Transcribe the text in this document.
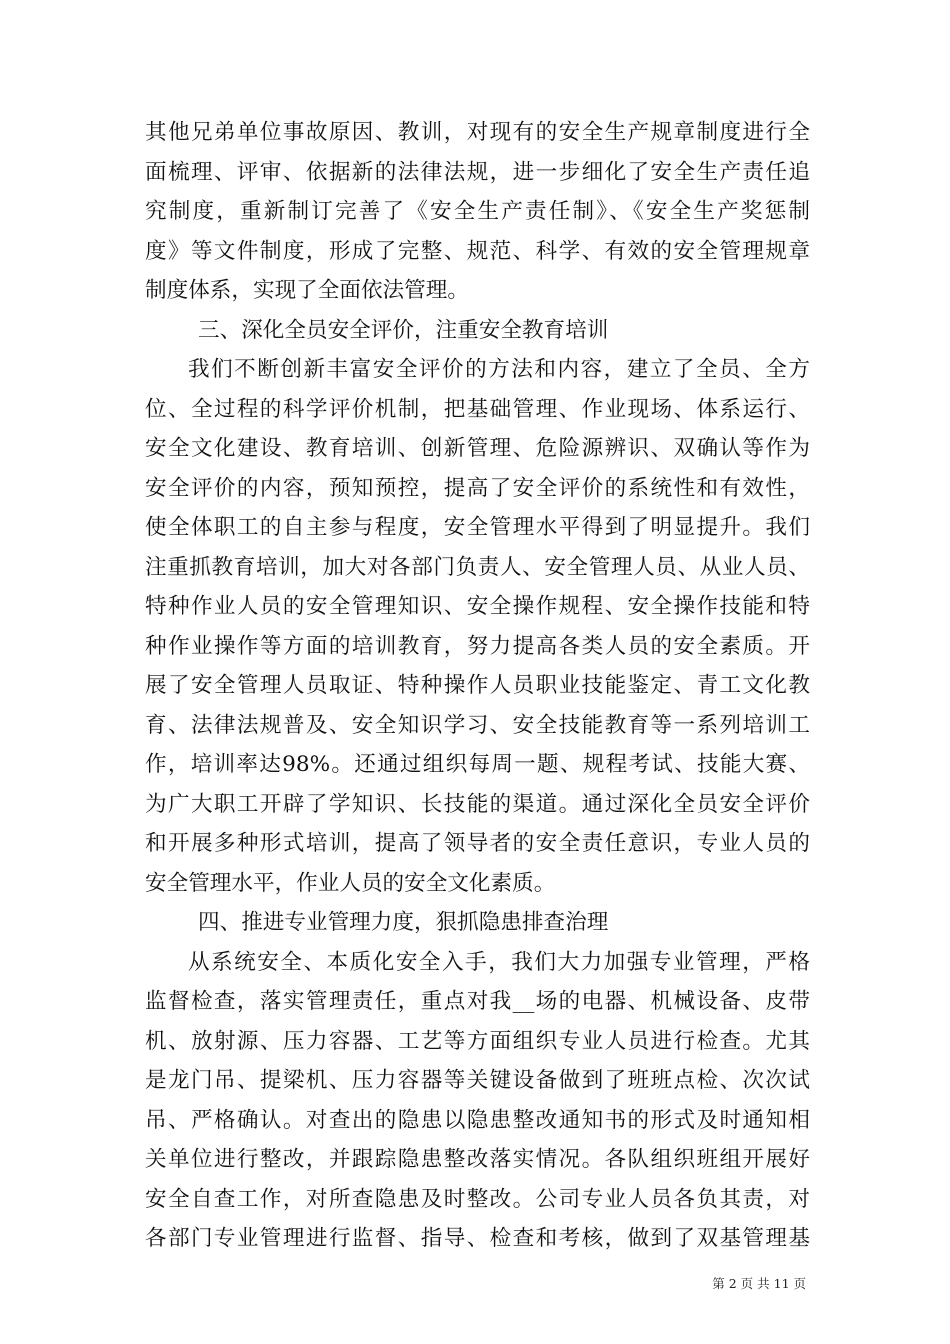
其他兄弟单位事故原因、教训，对现有的安全生产规章制度进行全
面梳理、评审、依据新的法律法规，进一步细化了安全生产责任追
究制度，重新制订完善了《安全生产责任制》、《安全生产奖惩制
度》等文件制度，形成了完整、规范、科学、有效的安全管理规章
制度体系，实现了全面依法管理。
三、深化全员安全评价，注重安全教育培训
我们不断创新丰富安全评价的方法和内容，建立了全员、全方
位、全过程的科学评价机制，把基础管理、作业现场、体系运行、
安全文化建设、教育培训、创新管理、危险源辨识、双确认等作为
安全评价的内容，预知预控，提高了安全评价的系统性和有效性，
使全体职工的自主参与程度，安全管理水平得到了明显提升。我们
注重抓教育培训，加大对各部门负责人、安全管理人员、从业人员、
特种作业人员的安全管理知识、安全操作规程、安全操作技能和特
种作业操作等方面的培训教育，努力提高各类人员的安全素质。开
展了安全管理人员取证、特种操作人员职业技能鉴定、青工文化教
育、法律法规普及、安全知识学习、安全技能教育等一系列培训工
作，培训率达98%。还通过组织每周一题、规程考试、技能大赛、
为广大职工开辟了学知识、长技能的渠道。通过深化全员安全评价
和开展多种形式培训，提高了领导者的安全责任意识，专业人员的
安全管理水平，作业人员的安全文化素质。
四、推进专业管理力度，狠抓隐患排查治理
从系统安全、本质化安全入手，我们大力加强专业管理，严格
监督检查，落实管理责任，重点对我__场的电器、机械设备、皮带
机、放射源、压力容器、工艺等方面组织专业人员进行检查。尤其
是龙门吊、提梁机、压力容器等关键设备做到了班班点检、次次试
吊、严格确认。对查出的隐患以隐患整改通知书的形式及时通知相
关单位进行整改，并跟踪隐患整改落实情况。各队组织班组开展好
安全自查工作，对所查隐患及时整改。公司专业人员各负其责，对
各部门专业管理进行监督、指导、检查和考核，做到了双基管理基
第 2 页 共 11 页
